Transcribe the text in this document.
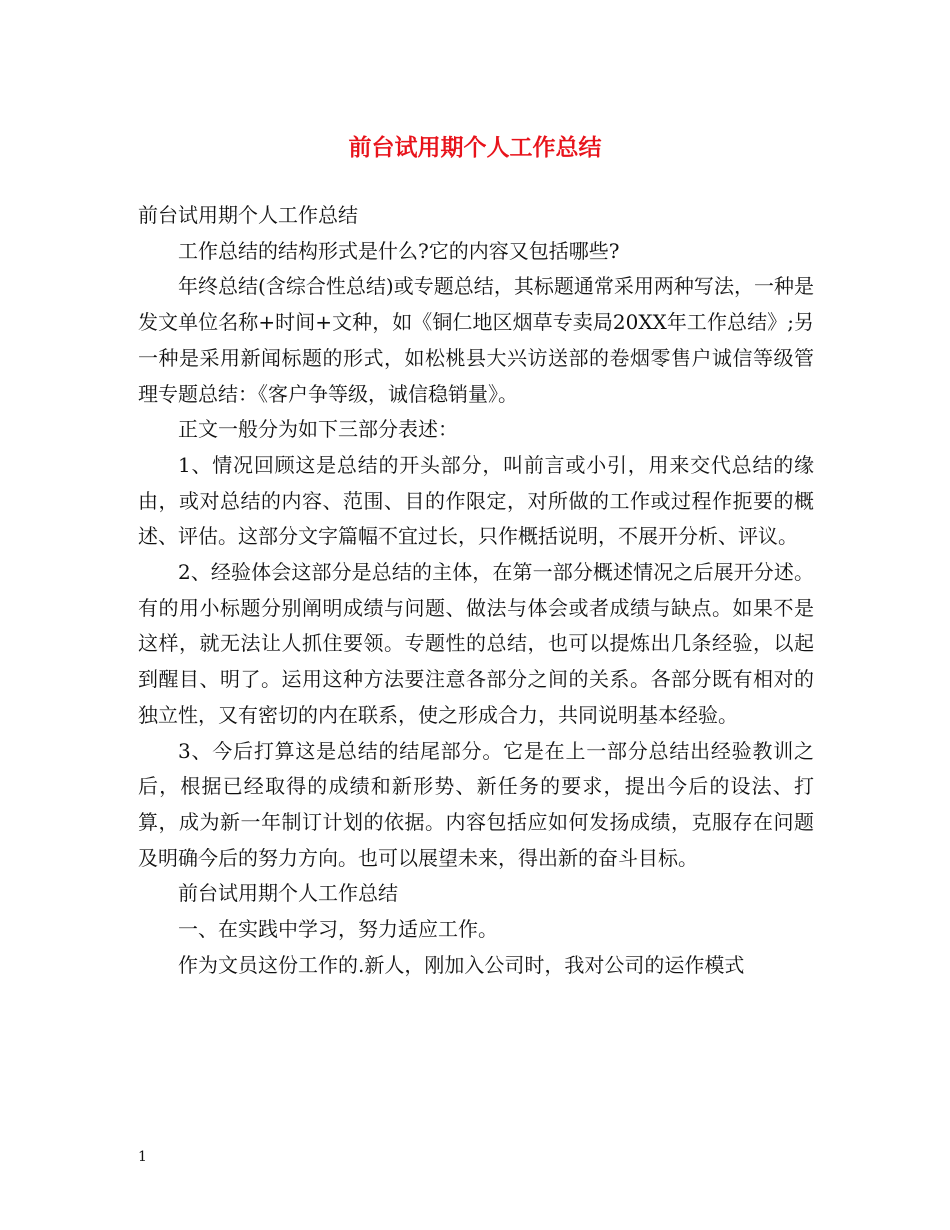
前台试用期个人工作总结

前台试用期个人工作总结

工作总结的结构形式是什么?它的内容又包括哪些?

年终总结(含综合性总结)或专题总结，其标题通常采用两种写法，一种是发文单位名称+时间+文种，如《铜仁地区烟草专卖局20XX年工作总结》;另一种是采用新闻标题的形式，如松桃县大兴访送部的卷烟零售户诚信等级管理专题总结：《客户争等级，诚信稳销量》。

正文一般分为如下三部分表述：

1、情况回顾这是总结的开头部分，叫前言或小引，用来交代总结的缘由，或对总结的内容、范围、目的作限定，对所做的工作或过程作扼要的概述、评估。这部分文字篇幅不宜过长，只作概括说明，不展开分析、评议。

2、经验体会这部分是总结的主体，在第一部分概述情况之后展开分述。有的用小标题分别阐明成绩与问题、做法与体会或者成绩与缺点。如果不是这样，就无法让人抓住要领。专题性的总结，也可以提炼出几条经验，以起到醒目、明了。运用这种方法要注意各部分之间的关系。各部分既有相对的独立性，又有密切的内在联系，使之形成合力，共同说明基本经验。

3、今后打算这是总结的结尾部分。它是在上一部分总结出经验教训之后，根据已经取得的成绩和新形势、新任务的要求，提出今后的设法、打算，成为新一年制订计划的依据。内容包括应如何发扬成绩，克服存在问题及明确今后的努力方向。也可以展望未来，得出新的奋斗目标。

前台试用期个人工作总结

一、在实践中学习，努力适应工作。

作为文员这份工作的.新人，刚加入公司时，我对公司的运作模式

1
